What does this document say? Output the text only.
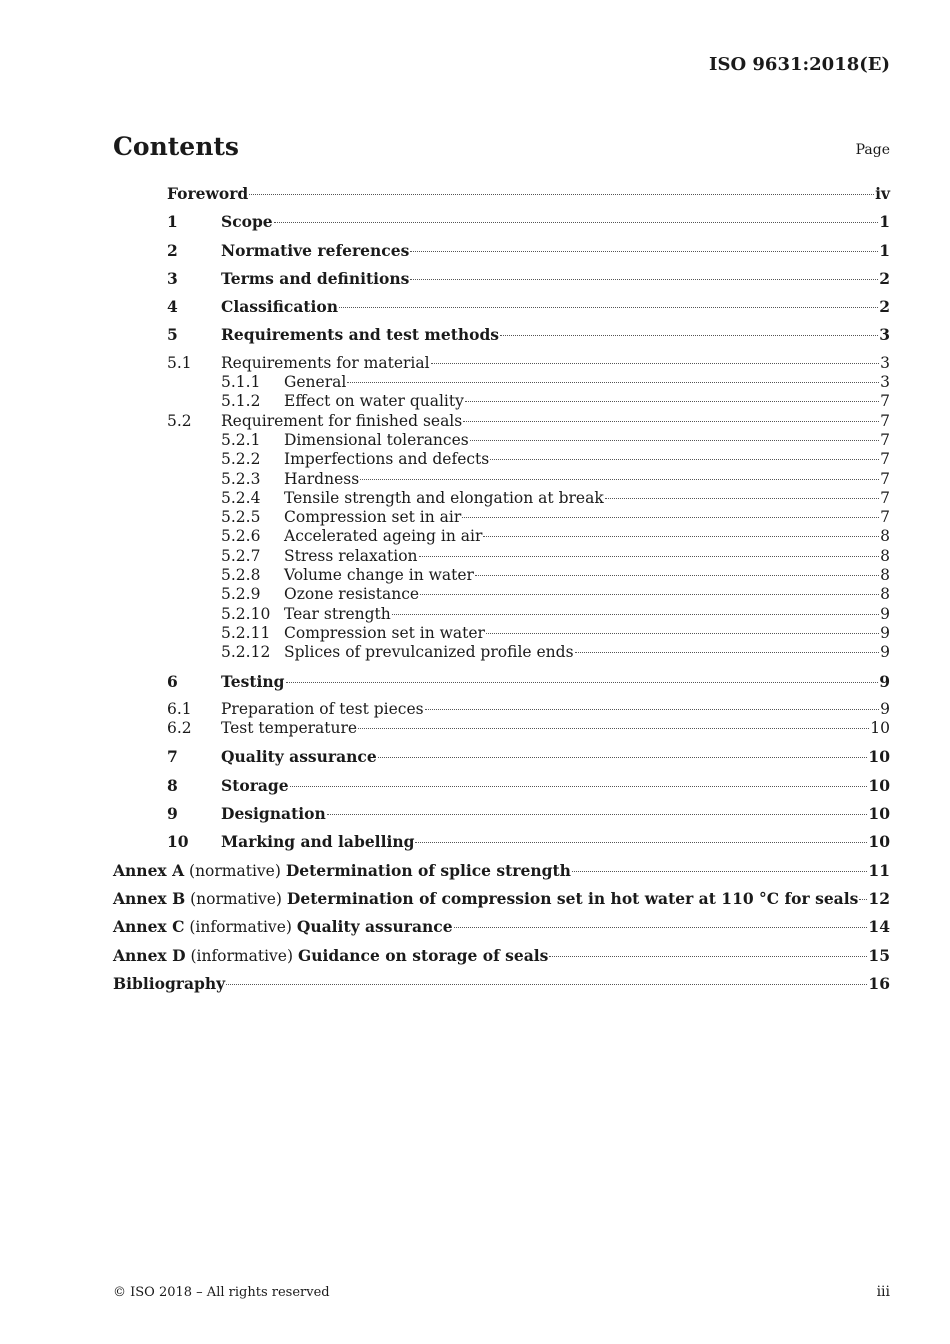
ISO 9631:2018(E)
Contents	Page
Foreword	iv
1	Scope	1
2	Normative references	1
3	Terms and definitions	2
4	Classification	2
5	Requirements and test methods	3
5.1	Requirements for material	3
5.1.1	General	3
5.1.2	Effect on water quality	7
5.2	Requirement for finished seals	7
5.2.1	Dimensional tolerances	7
5.2.2	Imperfections and defects	7
5.2.3	Hardness	7
5.2.4	Tensile strength and elongation at break	7
5.2.5	Compression set in air	7
5.2.6	Accelerated ageing in air	8
5.2.7	Stress relaxation	8
5.2.8	Volume change in water	8
5.2.9	Ozone resistance	8
5.2.10 Tear strength	9
5.2.11 Compression set in water	9
5.2.12 Splices of prevulcanized profile ends	9
6	Testing	9
6.1	Preparation of test pieces	9
6.2	Test temperature	10
7	Quality assurance	10
8	Storage	10
9	Designation	10
10	Marking and labelling	10
Annex A (normative) Determination of splice strength	11
Annex B (normative) Determination of compression set in hot water at 110 °C for seals 12
Annex C (informative) Quality assurance	14
Annex D (informative) Guidance on storage of seals	15
Bibliography	16
© ISO 2018 – All rights reserved	iii
